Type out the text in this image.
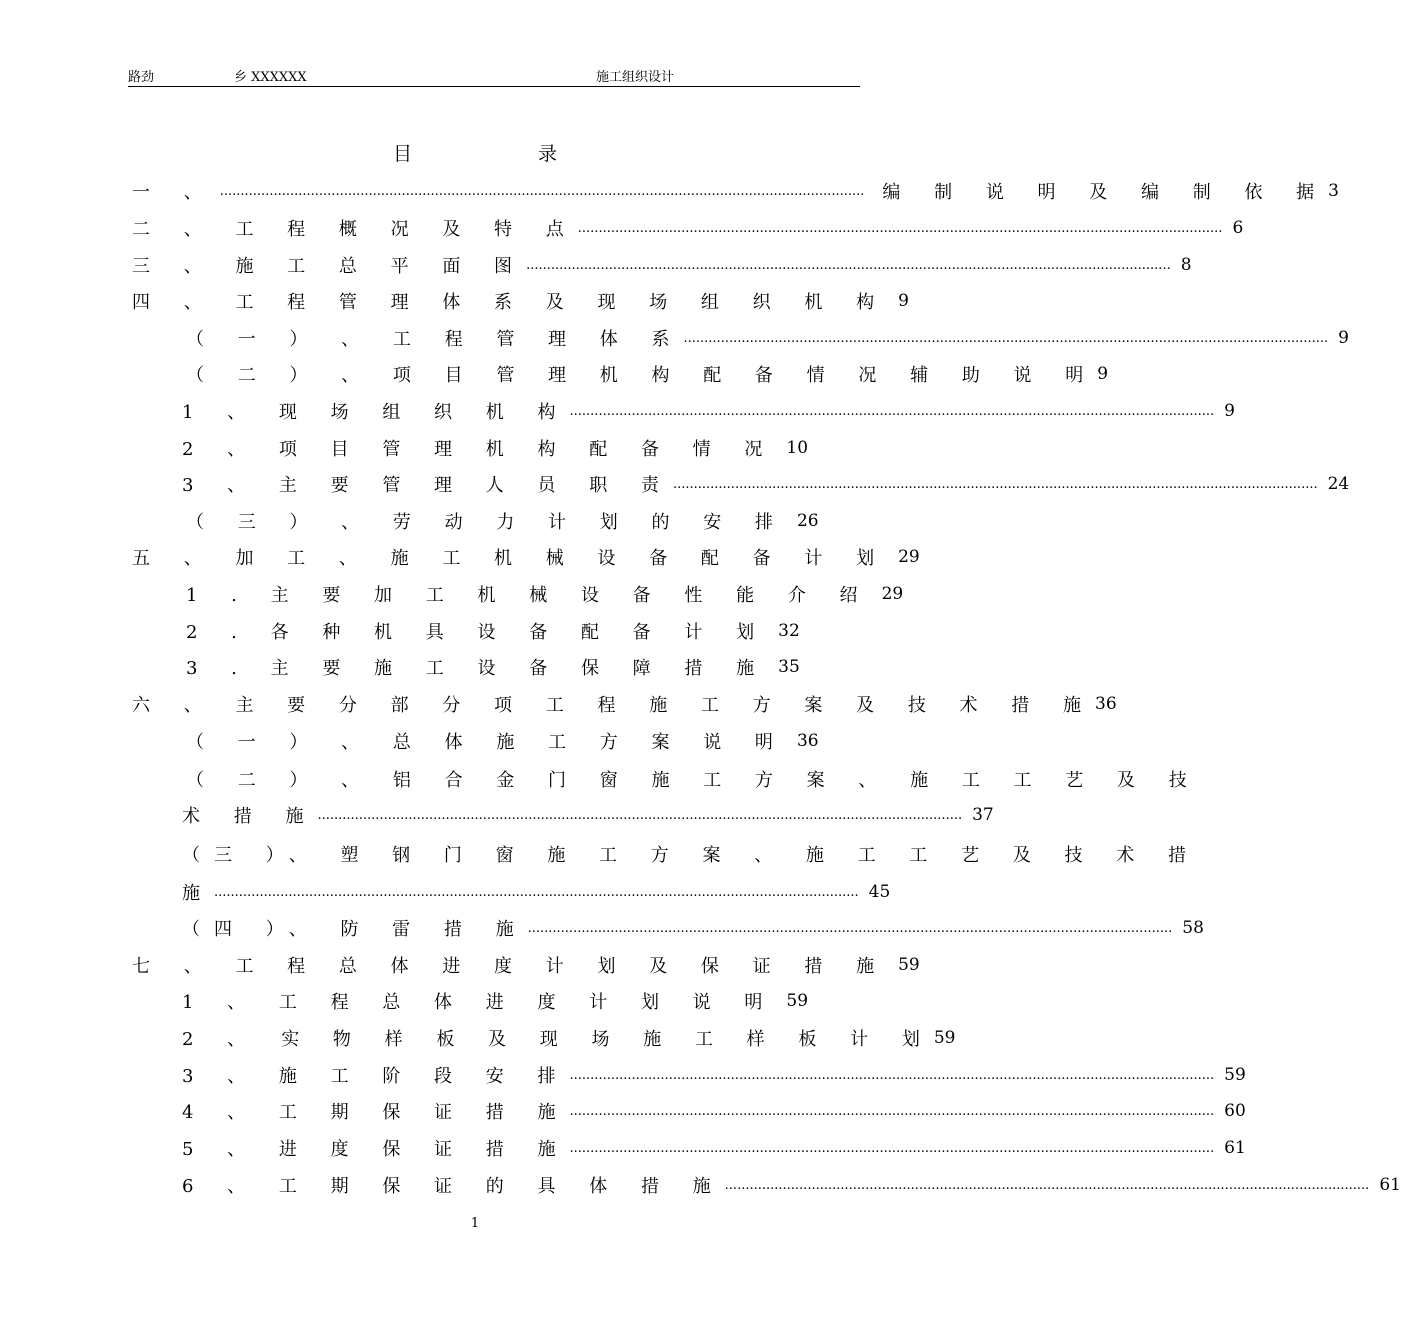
路劲	乡 XXXXXX	施工组织设计
目 录
一 、 .....	编 制 说 明 及 编 制 依 据 3
二 、 工 程 概 况 及 特 点 .....	6
三 、 施 工 总 平 面 图 .....	8
四 、 工 程 管 理 体 系 及 现 场 组 织 机 构 9
（ 一 ） 、 工 程 管 理 体 系 .....	9
（ 二 ） 、 项 目 管 理 机 构 配 备 情 况 辅 助 说 明 9
1 、 现 场 组 织 机 构 .....	9
2 、 项 目 管 理 机 构 配 备 情 况 10
3 、 主 要 管 理 人 员 职 责 .....	24
（ 三 ） 、 劳 动 力 计 划 的 安 排 26
五 、 加 工 、 施 工 机 械 设 备 配 备 计 划 29
1 . 主 要 加 工 机 械 设 备 性 能 介 绍 29
2 . 各 种 机 具 设 备 配 备 计 划 32
3 . 主 要 施 工 设 备 保 障 措 施 35
六 、 主 要 分 部 分 项 工 程 施 工 方 案 及 技 术 措 施 36
（ 一 ） 、 总 体 施 工 方 案 说 明 36
（ 二 ） 、 铝 合 金 门 窗 施 工 方 案 、 施 工 工 艺 及 技
术 措 施 .....	37
（三 ）、 塑 钢 门 窗 施 工 方 案 、 施 工 工 艺 及 技 术 措
施 .....	45
（四 ）、 防 雷 措 施 .....	58
七 、 工 程 总 体 进 度 计 划 及 保 证 措 施 59
1 、 工 程 总 体 进 度 计 划 说 明 59
2 、 实 物 样 板 及 现 场 施 工 样 板 计 划 59
3 、 施 工 阶 段 安 排 .....	59
4 、 工 期 保 证 措 施 .....	60
5 、 进 度 保 证 措 施 .....	61
6 、 工 期 保 证 的 具 体 措 施 .....	61
1
